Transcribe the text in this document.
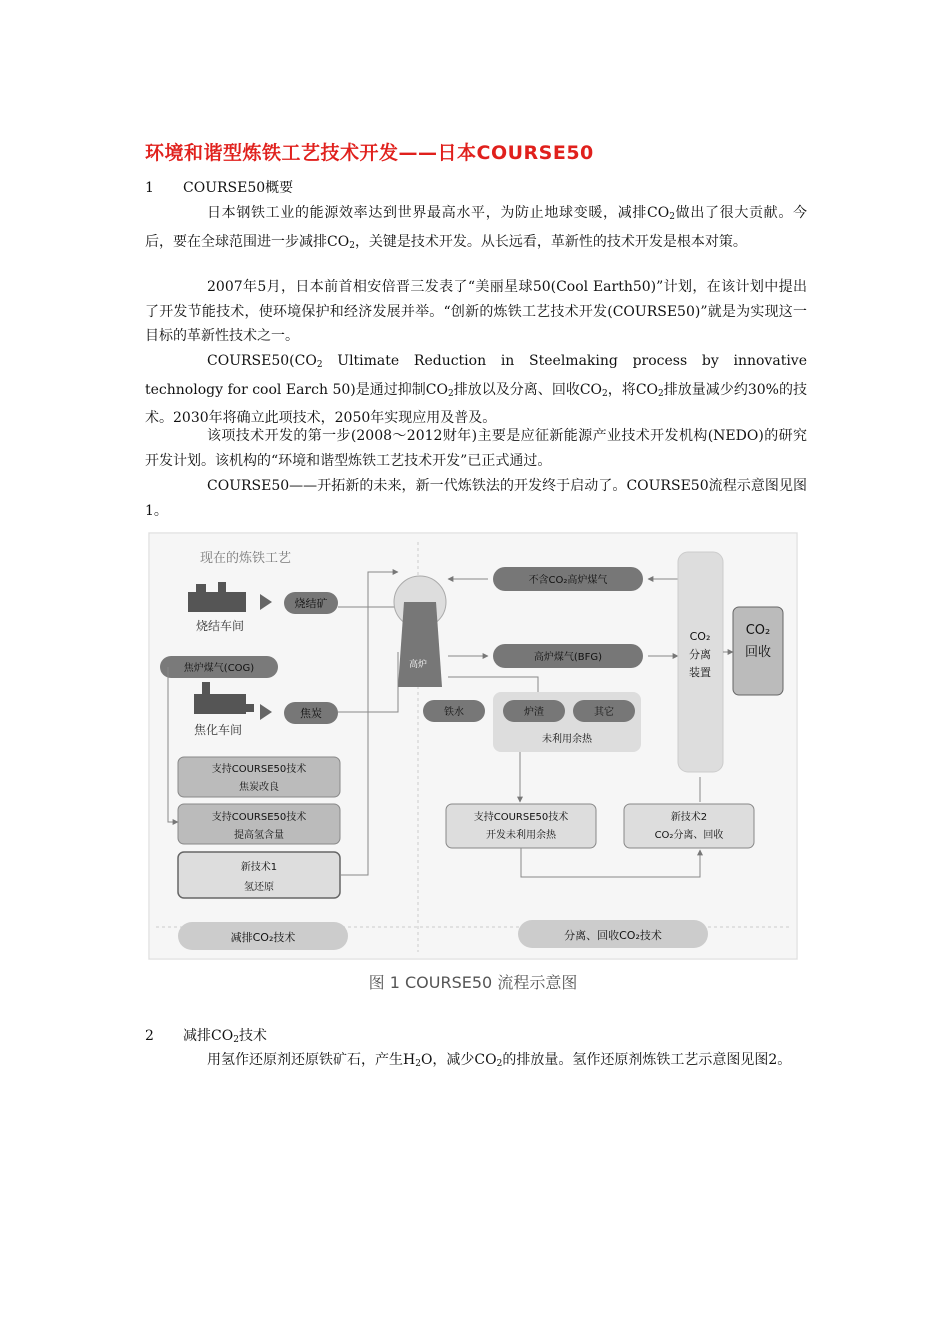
环境和谐型炼铁工艺技术开发——日本COURSE50
1 COURSE50概要
日本钢铁工业的能源效率达到世界最高水平，为防止地球变暖，减排$CO_2$做出了很大贡献。今后，要在全球范围进一步减排$CO_2$，关键是技术开发。从长远看，革新性的技术开发是根本对策。
2007年5月，日本前首相安倍晋三发表了“美丽星球50(Cool Earth50)”计划，在该计划中提出了开发节能技术，使环境保护和经济发展并举。“创新的炼铁工艺技术开发(COURSE50)”就是为实现这一目标的革新性技术之一。
$COURSE50(CO_2$ Ultimate Reduction in Steelmaking process by innovative technology for cool Earch 50)是通过抑制$CO_2$排放以及分离、回收$CO_2$，将$CO_2$排放量减少约30%的技术。2030年将确立此项技术，2050年实现应用及普及。
该项技术开发的第一步(2008～2012财年)主要是应征新能源产业技术开发机构(NEDO)的研究开发计划。该机构的“环境和谐型炼铁工艺技术开发”已正式通过。
COURSE50——开拓新的未来，新一代炼铁法的开发终于启动了。COURSE50流程示意图见图1。
现在的炼铁工艺
烧结车间
烧结矿
焦炉煤气(COG)
焦化车间
焦炭
支持COURSE50技术
焦炭改良
支持COURSE50技术
提高氢含量
新技术1
氢还原
高炉
不含CO₂高炉煤气
高炉煤气(BFG)
铁水	炉渣	其它
未利用余热
CO₂
分离
装置
CO₂
回收
支持COURSE50技术
开发未利用余热
新技术2
CO₂分离、回收
减排CO₂技术	分离、回收CO₂技术
图 1 COURSE50 流程示意图
2 减排$CO_2$技术
用氢作还原剂还原铁矿石，产生$H_2O$，减少$CO_2$的排放量。氢作还原剂炼铁工艺示意图见图2。
